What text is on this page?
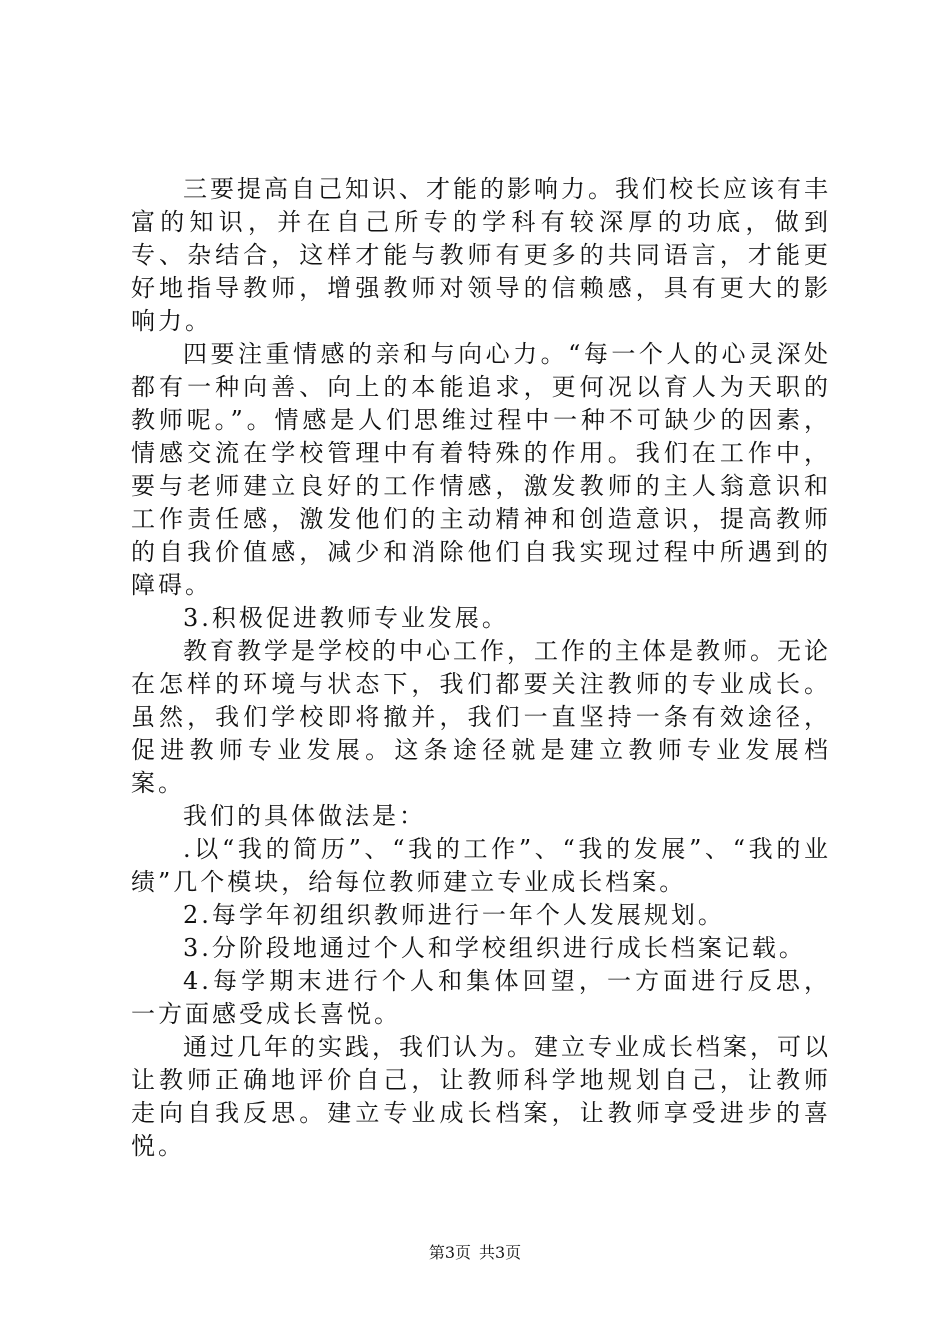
三要提高自己知识、才能的影响力。我们校长应该有丰富的知识，并在自己所专的学科有较深厚的功底，做到专、杂结合，这样才能与教师有更多的共同语言，才能更好地指导教师，增强教师对领导的信赖感，具有更大的影响力。

四要注重情感的亲和与向心力。“每一个人的心灵深处都有一种向善、向上的本能追求，更何况以育人为天职的教师呢。”。情感是人们思维过程中一种不可缺少的因素，情感交流在学校管理中有着特殊的作用。我们在工作中，要与老师建立良好的工作情感，激发教师的主人翁意识和工作责任感，激发他们的主动精神和创造意识，提高教师的自我价值感，减少和消除他们自我实现过程中所遇到的障碍。

3.积极促进教师专业发展。

教育教学是学校的中心工作，工作的主体是教师。无论在怎样的环境与状态下，我们都要关注教师的专业成长。虽然，我们学校即将撤并，我们一直坚持一条有效途径，促进教师专业发展。这条途径就是建立教师专业发展档案。

我们的具体做法是：

.以“我的简历”、“我的工作”、“我的发展”、“我的业绩”几个模块，给每位教师建立专业成长档案。

2.每学年初组织教师进行一年个人发展规划。

3.分阶段地通过个人和学校组织进行成长档案记载。

4.每学期末进行个人和集体回望，一方面进行反思，一方面感受成长喜悦。

通过几年的实践，我们认为。建立专业成长档案，可以让教师正确地评价自己，让教师科学地规划自己，让教师走向自我反思。建立专业成长档案，让教师享受进步的喜悦。

第3页 共3页
